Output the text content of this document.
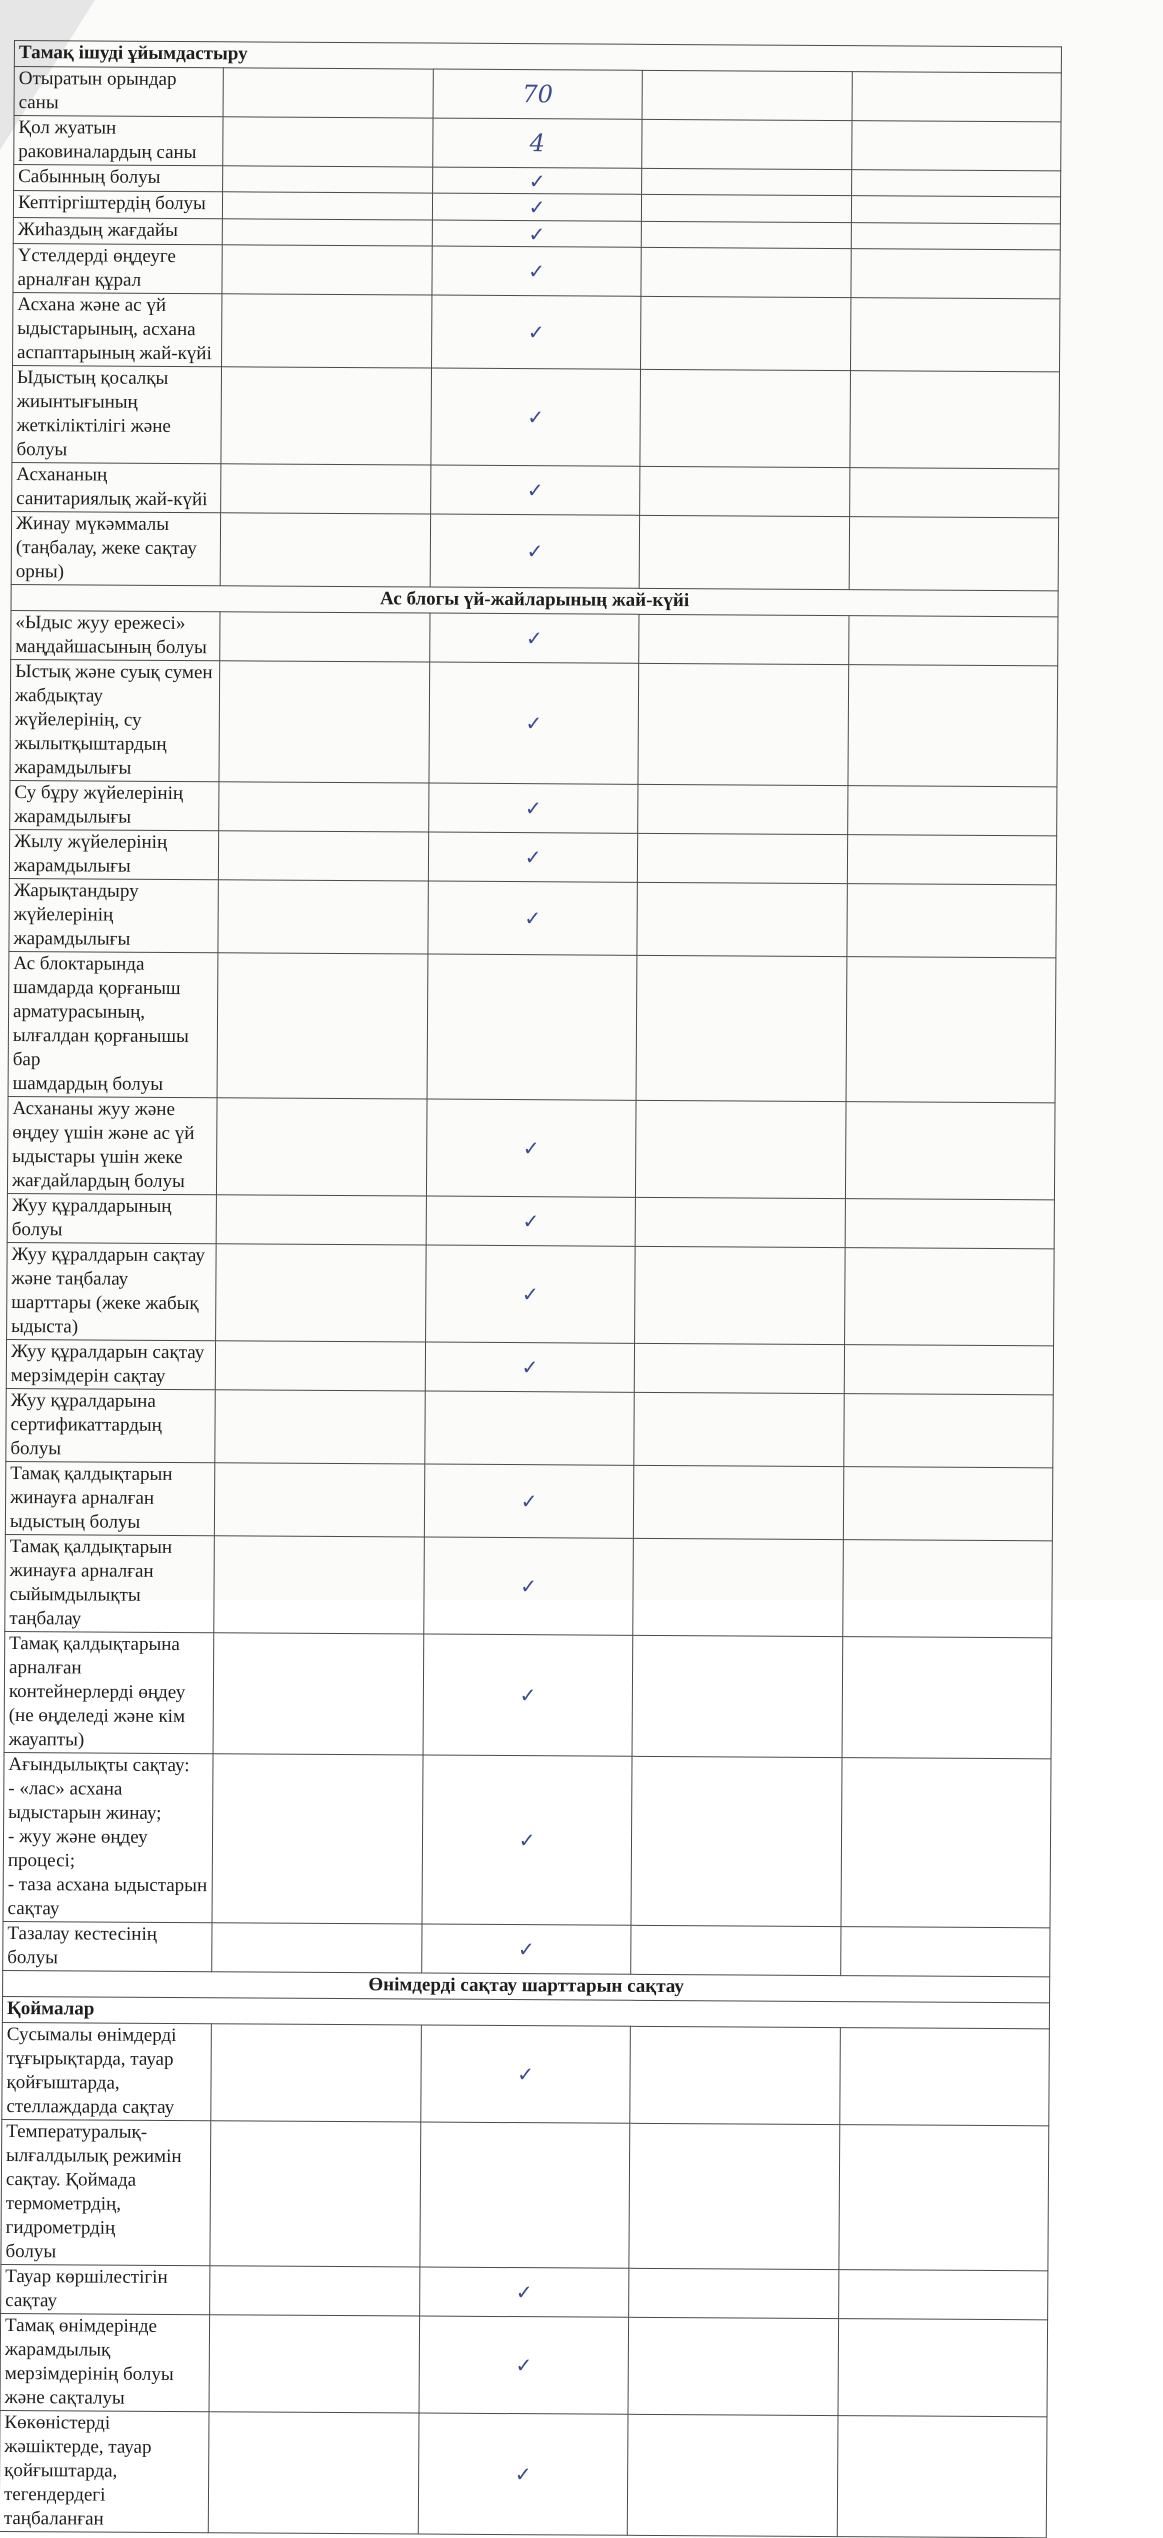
Тамақ ішуді ұйымдастыру				
Отыратын орындар саны		70		
Қол жуатын раковиналардың саны		4		
Сабынның болуы		✓		
Кептіргіштердің болуы		✓		
Жиһаздың жағдайы		✓		
Үстелдерді өңдеуге арналған құрал		✓		
Асхана және ас үй ыдыстарының, асхана
аспаптарының жай-күйі		✓		
Ыдыстың қосалқы жиынтығының
жеткіліктілігі және болуы		✓		
Асхананың санитариялық жай-күйі		✓		
Жинау мүкәммалы (таңбалау, жеке сақтау
орны)		✓		
Ас блогы үй-жайларының жай-күйі				
«Ыдыс жуу ережесі» маңдайшасының болуы		✓		
Ыстық және суық сумен жабдықтау
жүйелерінің, су жылытқыштардың
жарамдылығы		✓		
Су бұру жүйелерінің жарамдылығы		✓		
Жылу жүйелерінің жарамдылығы		✓		
Жарықтандыру жүйелерінің жарамдылығы		✓		
Ас блоктарында шамдарда қорғаныш
арматурасының, ылғалдан қорғанышы бар
шамдардың болуы				
Асхананы жуу және өңдеу үшін және ас үй
ыдыстары үшін жеке жағдайлардың болуы		✓		
Жуу құралдарының болуы		✓		
Жуу құралдарын сақтау және таңбалау
шарттары (жеке жабық ыдыста)		✓		
Жуу құралдарын сақтау мерзімдерін сақтау		✓		
Жуу құралдарына сертификаттардың болуы				
Тамақ қалдықтарын жинауға арналған
ыдыстың болуы		✓		
Тамақ қалдықтарын жинауға арналған
сыйымдылықты таңбалау		✓		
Тамақ қалдықтарына арналған
контейнерлерді өңдеу (не өңделеді және кім
жауапты)		✓		
Ағындылықты сақтау:
- «лас» асхана ыдыстарын жинау;
- жуу және өңдеу процесі;
- таза асхана ыдыстарын сақтау		✓		
Тазалау кестесінің болуы		✓		
Өнімдерді сақтау шарттарын сақтау				
Қоймалар				
Сусымалы өнімдерді тұғырықтарда, тауар
қойғыштарда, стеллаждарда сақтау		✓		
Температуралық-ылғалдылық режимін
сақтау. Қоймада термометрдің, гидрометрдің
болуы				
Тауар көршілестігін сақтау		✓		
Тамақ өнімдерінде жарамдылық
мерзімдерінің болуы және сақталуы		✓		
Көкөністерді жәшіктерде, тауар
қойғыштарда, тегендердегі таңбаланған		✓		
